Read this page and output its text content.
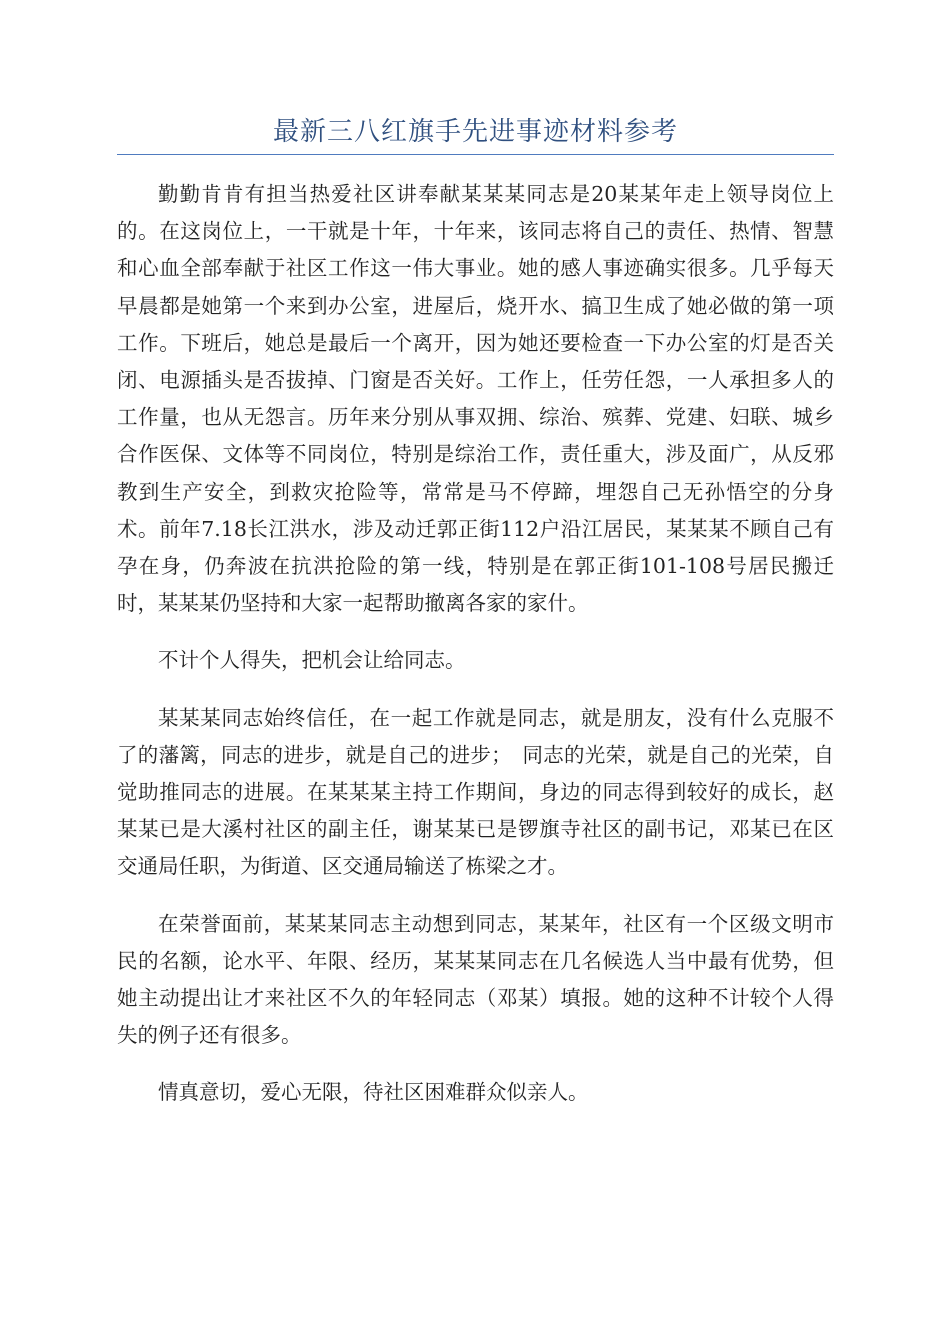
最新三八红旗手先进事迹材料参考

勤勤肯肯有担当热爱社区讲奉献某某某同志是20某某年走上领导岗位上的。在这岗位上，一干就是十年，十年来，该同志将自己的责任、热情、智慧和心血全部奉献于社区工作这一伟大事业。她的感人事迹确实很多。几乎每天早晨都是她第一个来到办公室，进屋后，烧开水、搞卫生成了她必做的第一项工作。下班后，她总是最后一个离开，因为她还要检查一下办公室的灯是否关闭、电源插头是否拔掉、门窗是否关好。工作上，任劳任怨，一人承担多人的工作量，也从无怨言。历年来分别从事双拥、综治、殡葬、党建、妇联、城乡合作医保、文体等不同岗位，特别是综治工作，责任重大，涉及面广，从反邪教到生产安全，到救灾抢险等，常常是马不停蹄，埋怨自己无孙悟空的分身术。前年7.18长江洪水，涉及动迁郭正街112户沿江居民，某某某不顾自己有孕在身，仍奔波在抗洪抢险的第一线，特别是在郭正街101-108号居民搬迁时，某某某仍坚持和大家一起帮助撤离各家的家什。

不计个人得失，把机会让给同志。

某某某同志始终信任，在一起工作就是同志，就是朋友，没有什么克服不了的藩篱，同志的进步，就是自己的进步；　同志的光荣，就是自己的光荣，自觉助推同志的进展。在某某某主持工作期间，身边的同志得到较好的成长，赵某某已是大溪村社区的副主任，谢某某已是锣旗寺社区的副书记，邓某已在区交通局任职，为街道、区交通局输送了栋梁之才。

在荣誉面前，某某某同志主动想到同志，某某年，社区有一个区级文明市民的名额，论水平、年限、经历，某某某同志在几名候选人当中最有优势，但她主动提出让才来社区不久的年轻同志（邓某）填报。她的这种不计较个人得失的例子还有很多。

情真意切，爱心无限，待社区困难群众似亲人。
